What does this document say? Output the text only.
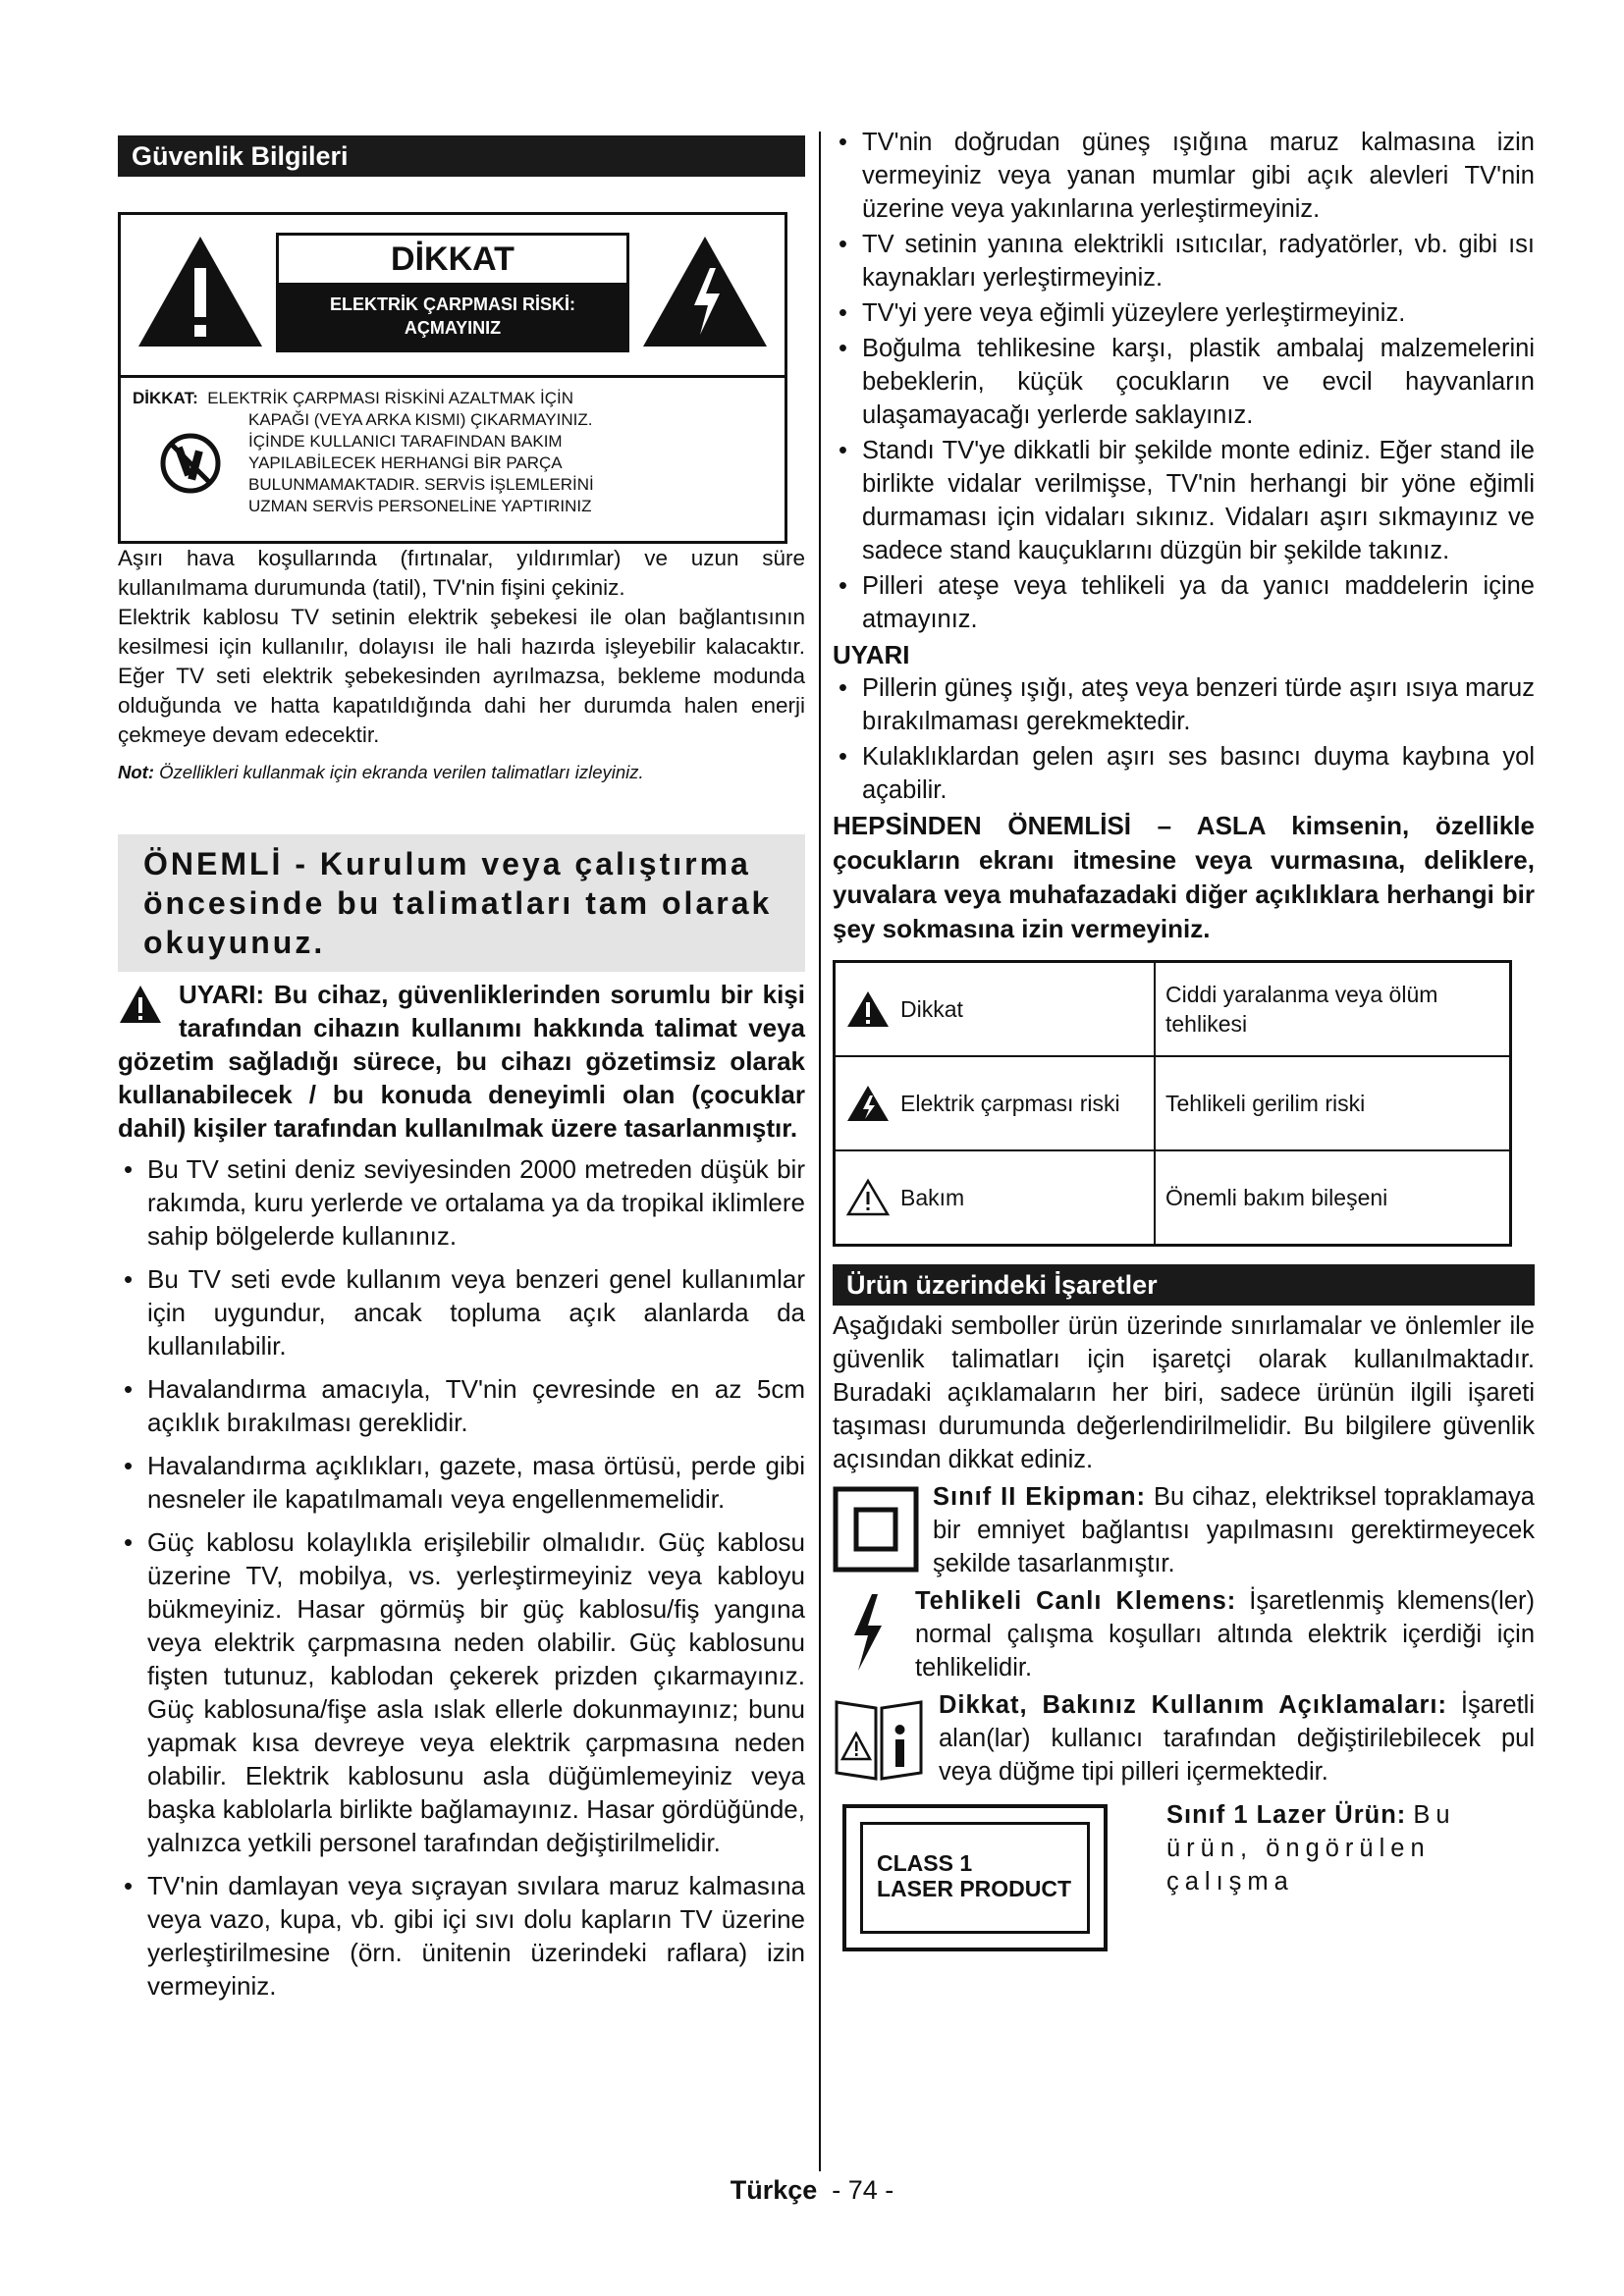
Güvenlik Bilgileri
DİKKAT
ELEKTRİK ÇARPMASI RİSKİ: AÇMAYINIZ
DİKKAT: ELEKTRİK ÇARPMASI RİSKİNİ AZALTMAK İÇİN
KAPAĞI (VEYA ARKA KISMI) ÇIKARMAYINIZ.
İÇİNDE KULLANICI TARAFINDAN BAKIM
YAPILABİLECEK HERHANGİ BİR PARÇA
BULUNMAMAKTADIR. SERVİS İŞLEMLERİNİ
UZMAN SERVİS PERSONELİNE YAPTIRINIZ

Aşırı hava koşullarında (fırtınalar, yıldırımlar) ve uzun süre kullanılmama durumunda (tatil), TV'nin fişini çekiniz.

Elektrik kablosu TV setinin elektrik şebekesi ile olan bağlantısının kesilmesi için kullanılır, dolayısı ile hali hazırda işleyebilir kalacaktır. Eğer TV seti elektrik şebekesinden ayrılmazsa, bekleme modunda olduğunda ve hatta kapatıldığında dahi her durumda halen enerji çekmeye devam edecektir.

Not: Özellikleri kullanmak için ekranda verilen talimatları izleyiniz.
ÖNEMLİ - Kurulum veya çalıştırma öncesinde bu talimatları tam olarak okuyunuz.
UYARI: Bu cihaz, güvenliklerinden sorumlu bir kişi tarafından cihazın kullanımı hakkında talimat veya gözetim sağladığı sürece, bu cihazı gözetimsiz olarak kullanabilecek / bu konuda deneyimli olan (çocuklar dahil) kişiler tarafından kullanılmak üzere tasarlanmıştır.
• Bu TV setini deniz seviyesinden 2000 metreden düşük bir rakımda, kuru yerlerde ve ortalama ya da tropikal iklimlere sahip bölgelerde kullanınız.
• Bu TV seti evde kullanım veya benzeri genel kullanımlar için uygundur, ancak topluma açık alanlarda da kullanılabilir.
• Havalandırma amacıyla, TV'nin çevresinde en az 5cm açıklık bırakılması gereklidir.
• Havalandırma açıklıkları, gazete, masa örtüsü, perde gibi nesneler ile kapatılmamalı veya engellenmemelidir.
• Güç kablosu kolaylıkla erişilebilir olmalıdır. Güç kablosu üzerine TV, mobilya, vs. yerleştirmeyiniz veya kabloyu bükmeyiniz. Hasar görmüş bir güç kablosu/fiş yangına veya elektrik çarpmasına neden olabilir. Güç kablosunu fişten tutunuz, kablodan çekerek prizden çıkarmayınız. Güç kablosuna/fişe asla ıslak ellerle dokunmayınız; bunu yapmak kısa devreye veya elektrik çarpmasına neden olabilir. Elektrik kablosunu asla düğümlemeyiniz veya başka kablolarla birlikte bağlamayınız. Hasar gördüğünde, yalnızca yetkili personel tarafından değiştirilmelidir.
• TV'nin damlayan veya sıçrayan sıvılara maruz kalmasına veya vazo, kupa, vb. gibi içi sıvı dolu kapların TV üzerine yerleştirilmesine (örn. ünitenin üzerindeki raflara) izin vermeyiniz.
• TV'nin doğrudan güneş ışığına maruz kalmasına izin vermeyiniz veya yanan mumlar gibi açık alevleri TV'nin üzerine veya yakınlarına yerleştirmeyiniz.
• TV setinin yanına elektrikli ısıtıcılar, radyatörler, vb. gibi ısı kaynakları yerleştirmeyiniz.
• TV'yi yere veya eğimli yüzeylere yerleştirmeyiniz.
• Boğulma tehlikesine karşı, plastik ambalaj malzemelerini bebeklerin, küçük çocukların ve evcil hayvanların ulaşamayacağı yerlerde saklayınız.
• Standı TV'ye dikkatli bir şekilde monte ediniz. Eğer stand ile birlikte vidalar verilmişse, TV'nin herhangi bir yöne eğimli durmaması için vidaları sıkınız. Vidaları aşırı sıkmayınız ve sadece stand kauçuklarını düzgün bir şekilde takınız.
• Pilleri ateşe veya tehlikeli ya da yanıcı maddelerin içine atmayınız.
UYARI
• Pillerin güneş ışığı, ateş veya benzeri türde aşırı ısıya maruz bırakılmaması gerekmektedir.
• Kulaklıklardan gelen aşırı ses basıncı duyma kaybına yol açabilir.
HEPSİNDEN ÖNEMLİSİ – ASLA kimsenin, özellikle çocukların ekranı itmesine veya vurmasına, deliklere, yuvalara veya muhafazadaki diğer açıklıklara herhangi bir şey sokmasına izin vermeyiniz.
Dikkat	Ciddi yaralanma veya ölüm tehlikesi

Elektrik çarpması riski	Tehlikeli gerilim riski

Bakım	Önemli bakım bileşeni
Ürün üzerindeki İşaretler
Aşağıdaki semboller ürün üzerinde sınırlamalar ve önlemler ile güvenlik talimatları için işaretçi olarak kullanılmaktadır. Buradaki açıklamaların her biri, sadece ürünün ilgili işareti taşıması durumunda değerlendirilmelidir. Bu bilgilere güvenlik açısından dikkat ediniz.
Sınıf II Ekipman: Bu cihaz, elektriksel topraklamaya bir emniyet bağlantısı yapılmasını gerektirmeyecek şekilde tasarlanmıştır.
Tehlikeli Canlı Klemens: İşaretlenmiş klemens(ler) normal çalışma koşulları altında elektrik içerdiği için tehlikelidir.
Dikkat, Bakınız Kullanım Açıklamaları: İşaretli alan(lar) kullanıcı tarafından değiştirilebilecek pul veya düğme tipi pilleri içermektedir.
CLASS 1
LASER PRODUCT
Sınıf 1 Lazer Ürün: Bu ürün, öngörülen çalışma
Türkçe - 74 -
